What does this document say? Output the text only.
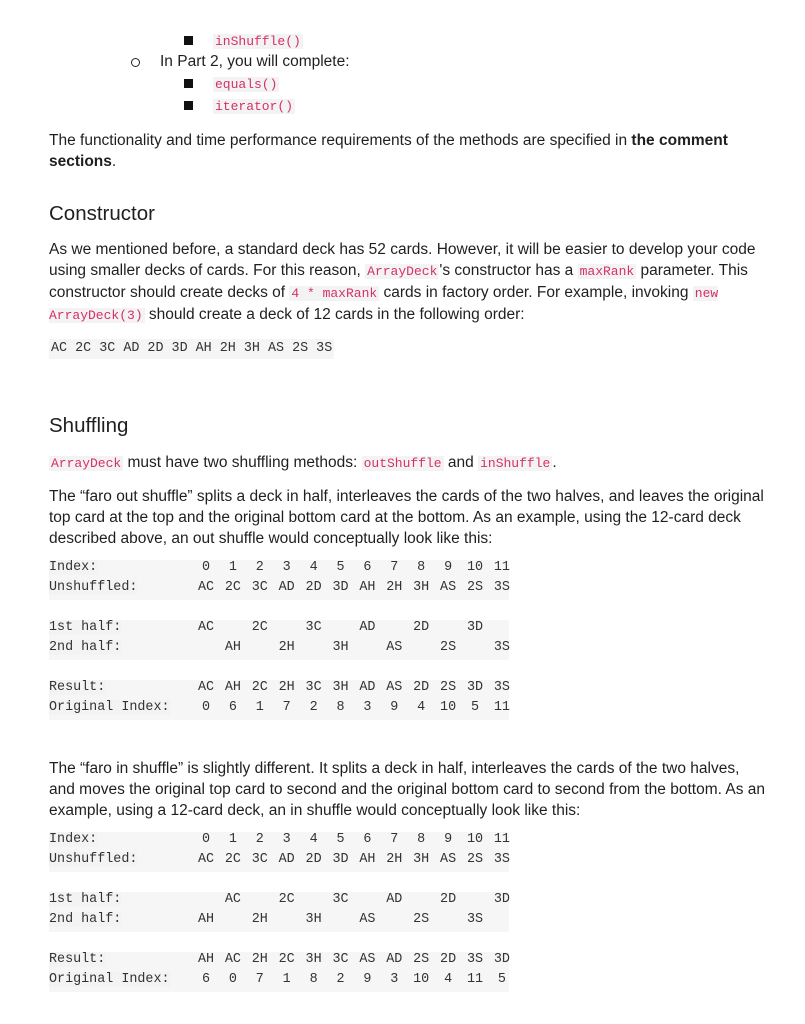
inShuffle()
In Part 2, you will complete:
equals()
iterator()
The functionality and time performance requirements of the methods are specified in the comment sections.
Constructor
As we mentioned before, a standard deck has 52 cards. However, it will be easier to develop your code using smaller decks of cards. For this reason, ArrayDeck 's constructor has a maxRank parameter. This constructor should create decks of 4 * maxRank cards in factory order. For example, invoking new ArrayDeck(3) should create a deck of 12 cards in the following order:
AC 2C 3C AD 2D 3D AH 2H 3H AS 2S 3S
Shuffling
ArrayDeck must have two shuffling methods: outShuffle and inShuffle .
The “faro out shuffle” splits a deck in half, interleaves the cards of the two halves, and leaves the original top card at the top and the original bottom card at the bottom. As an example, using the 12-card deck described above, an out shuffle would conceptually look like this:
Index:	0	1	2	3	4	5	6	7	8	9	10 11
Unshuffled:	AC 2C 3C AD 2D 3D AH 2H 3H AS 2S 3S
1st half:	AC	2C	3C	AD	2D	3D
2nd half:	AH	2H	3H	AS	2S	3S
Result:	AC AH 2C 2H 3C 3H AD AS 2D 2S 3D 3S
Original Index:	0	6	1	7	2	8	3	9	4	10	5	11
The “faro in shuffle” is slightly different. It splits a deck in half, interleaves the cards of the two halves, and moves the original top card to second and the original bottom card to second from the bottom. As an example, using a 12-card deck, an in shuffle would conceptually look like this:
Index:	0	1	2	3	4	5	6	7	8	9	10 11
Unshuffled:	AC 2C 3C AD 2D 3D AH 2H 3H AS 2S 3S
1st half:	AC	2C	3C	AD	2D	3D
2nd half:	AH	2H	3H	AS	2S	3S
Result:	AH AC 2H 2C 3H 3C AS AD 2S 2D 3S 3D
Original Index:	6	0	7	1	8	2	9	3	10	4	11	5
